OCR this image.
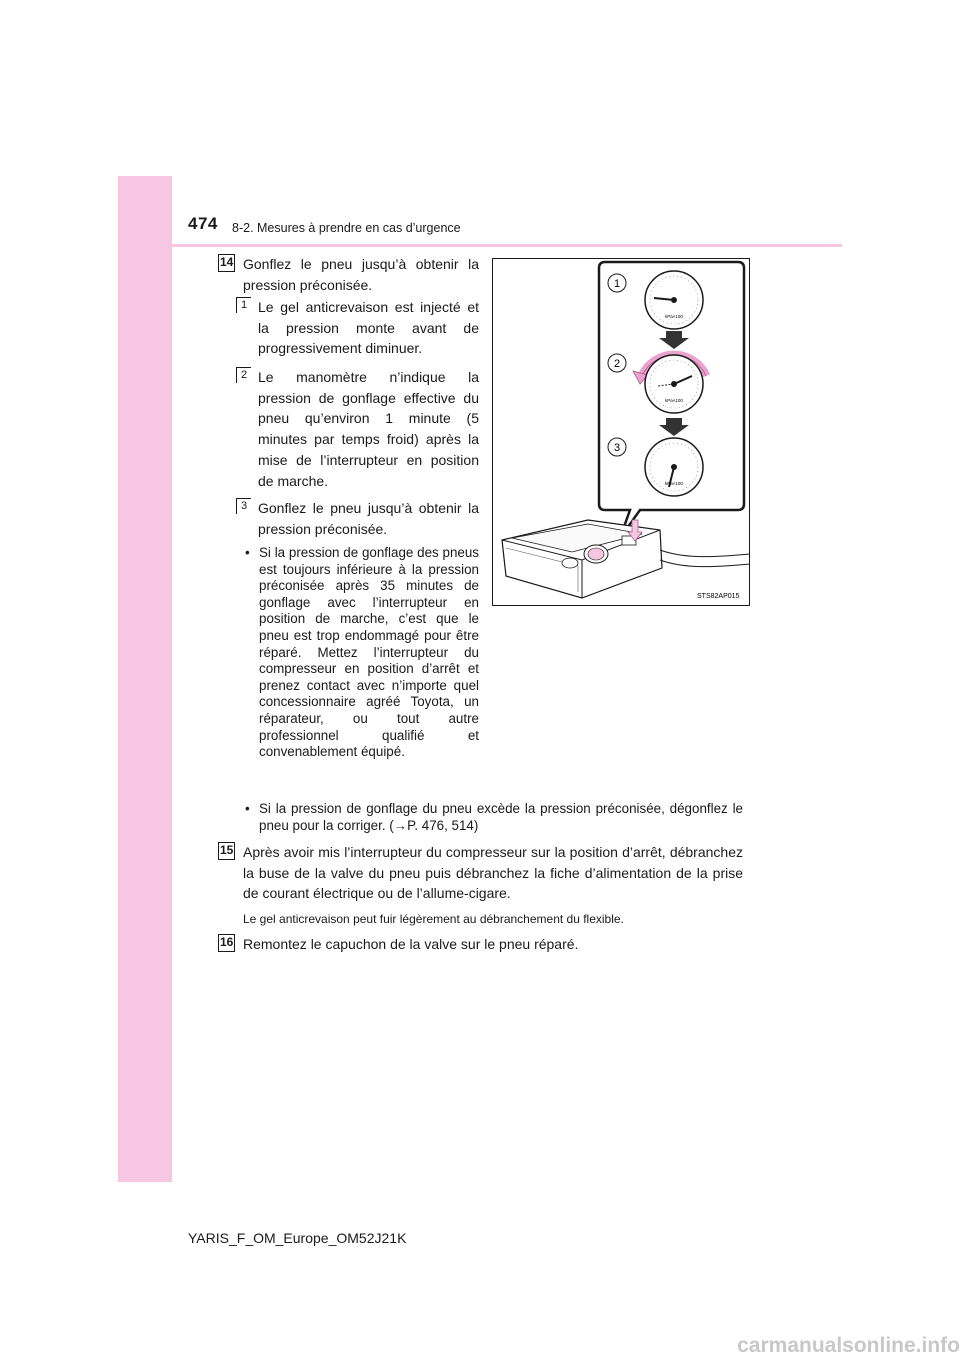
474 8-2. Mesures à prendre en cas d’urgence
14 Gonflez le pneu jusqu’à obtenir la pression préconisée.
1 Le gel anticrevaison est injecté et la pression monte avant de progressivement diminuer.
2 Le manomètre n’indique la pression de gonflage effective du pneu qu’environ 1 minute (5 minutes par temps froid) après la mise de l’interrupteur en position de marche.
3 Gonflez le pneu jusqu’à obtenir la pression préconisée.
• Si la pression de gonflage des pneus est toujours inférieure à la pression préconisée après 35 minutes de gonflage avec l’interrupteur en position de marche, c’est que le pneu est trop endommagé pour être réparé. Mettez l’interrupteur du compresseur en position d’arrêt et prenez contact avec n’importe quel concessionnaire agréé Toyota, un réparateur, ou tout autre professionnel qualifié et convenablement équipé.
• Si la pression de gonflage du pneu excède la pression préconisée, dégonflez le pneu pour la corriger. (→P. 476, 514)
15 Après avoir mis l’interrupteur du compresseur sur la position d’arrêt, débranchez la buse de la valve du pneu puis débranchez la fiche d’alimentation de la prise de courant électrique ou de l’allume-cigare.
Le gel anticrevaison peut fuir légèrement au débranchement du flexible.
16 Remontez le capuchon de la valve sur le pneu réparé.
1
2
3
kPa×100
kPa×100
kPa×100
STS82AP015
YARIS_F_OM_Europe_OM52J21K
carmanualsonline.info
